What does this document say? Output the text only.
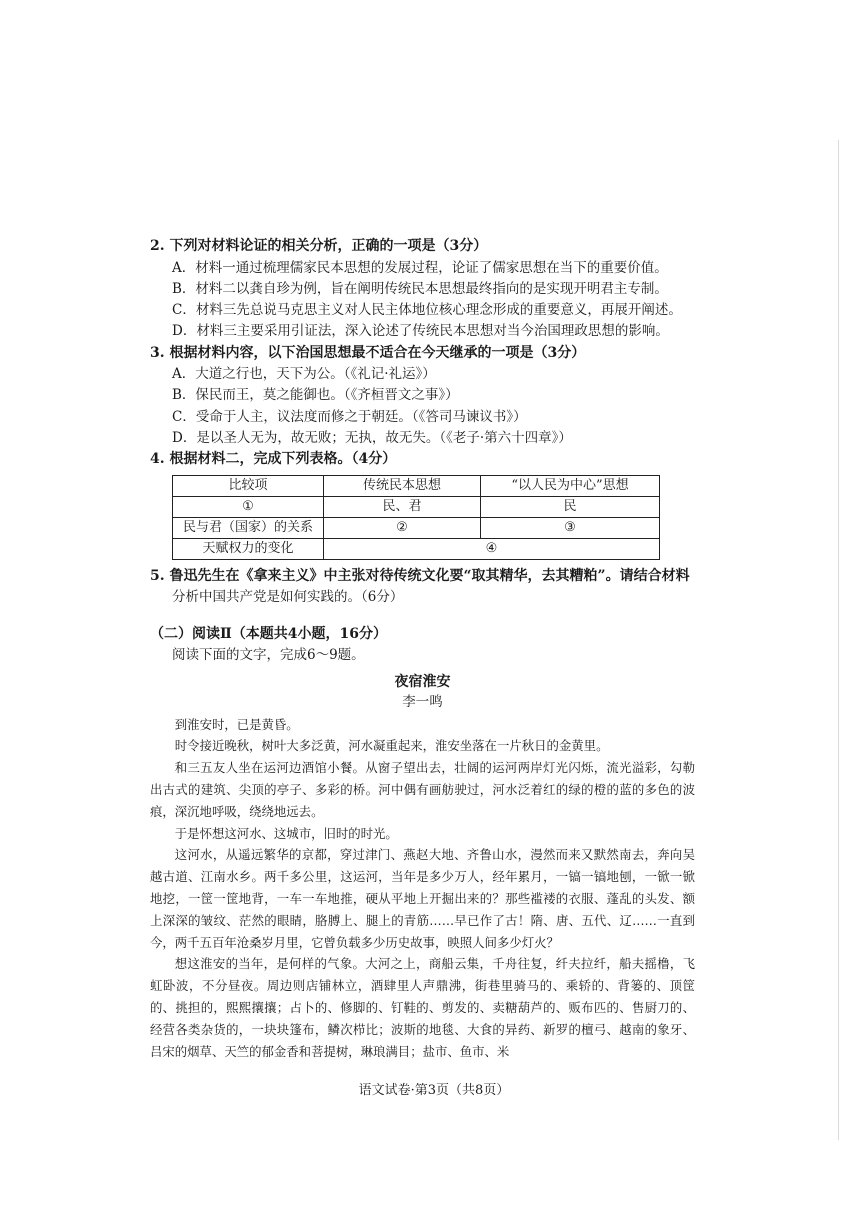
2. 下列对材料论证的相关分析，正确的一项是（3分）
A．材料一通过梳理儒家民本思想的发展过程，论证了儒家思想在当下的重要价值。
B．材料二以龚自珍为例，旨在阐明传统民本思想最终指向的是实现开明君主专制。
C．材料三先总说马克思主义对人民主体地位核心理念形成的重要意义，再展开阐述。
D．材料三主要采用引证法，深入论述了传统民本思想对当今治国理政思想的影响。
3. 根据材料内容，以下治国思想最不适合在今天继承的一项是（3分）
A．大道之行也，天下为公。（《礼记·礼运》）
B．保民而王，莫之能御也。（《齐桓晋文之事》）
C．受命于人主，议法度而修之于朝廷。（《答司马谏议书》）
D．是以圣人无为，故无败；无执，故无失。（《老子·第六十四章》）
4. 根据材料二，完成下列表格。（4分）
比较项	传统民本思想	“以人民为中心”思想
①	民、君	民
民与君（国家）的关系	②	③
天赋权力的变化	④	
5. 鲁迅先生在《拿来主义》中主张对待传统文化要“取其精华，去其糟粕”。请结合材料
分析中国共产党是如何实践的。（6分）
（二）阅读Ⅱ（本题共4小题，16分）
阅读下面的文字，完成6～9题。
夜宿淮安
李一鸣

到淮安时，已是黄昏。

时令接近晚秋，树叶大多泛黄，河水凝重起来，淮安坐落在一片秋日的金黄里。

和三五友人坐在运河边酒馆小餐。从窗子望出去，壮阔的运河两岸灯光闪烁，流光溢彩，勾勒出古式的建筑、尖顶的亭子、多彩的桥。河中偶有画舫驶过，河水泛着红的绿的橙的蓝的多色的波痕，深沉地呼吸，绕绕地远去。

于是怀想这河水、这城市，旧时的时光。

这河水，从遥远繁华的京都，穿过津门、燕赵大地、齐鲁山水，漫然而来又默然南去，奔向吴越古道、江南水乡。两千多公里，这运河，当年是多少万人，经年累月，一镐一镐地刨，一锨一锨地挖，一筐一筐地背，一车一车地推，硬从平地上开掘出来的？那些褴褛的衣服、蓬乱的头发、额上深深的皱纹、茫然的眼睛，胳膊上、腿上的青筋……早已作了古！隋、唐、五代、辽……一直到今，两千五百年沧桑岁月里，它曾负载多少历史故事，映照人间多少灯火？

想这淮安的当年，是何样的气象。大河之上，商船云集，千舟往复，纤夫拉纤，船夫摇橹，飞虹卧波，不分昼夜。周边则店铺林立，酒肆里人声鼎沸，街巷里骑马的、乘轿的、背篓的、顶筐的、挑担的，熙熙攘攘；占卜的、修脚的、钉鞋的、剪发的、卖糖葫芦的、贩布匹的、售厨刀的、经营各类杂货的，一块块篷布，鳞次栉比；波斯的地毯、大食的异药、新罗的檀弓、越南的象牙、吕宋的烟草、天竺的郁金香和菩提树，琳琅满目；盐市、鱼市、米

语文试卷·第3页（共8页）
